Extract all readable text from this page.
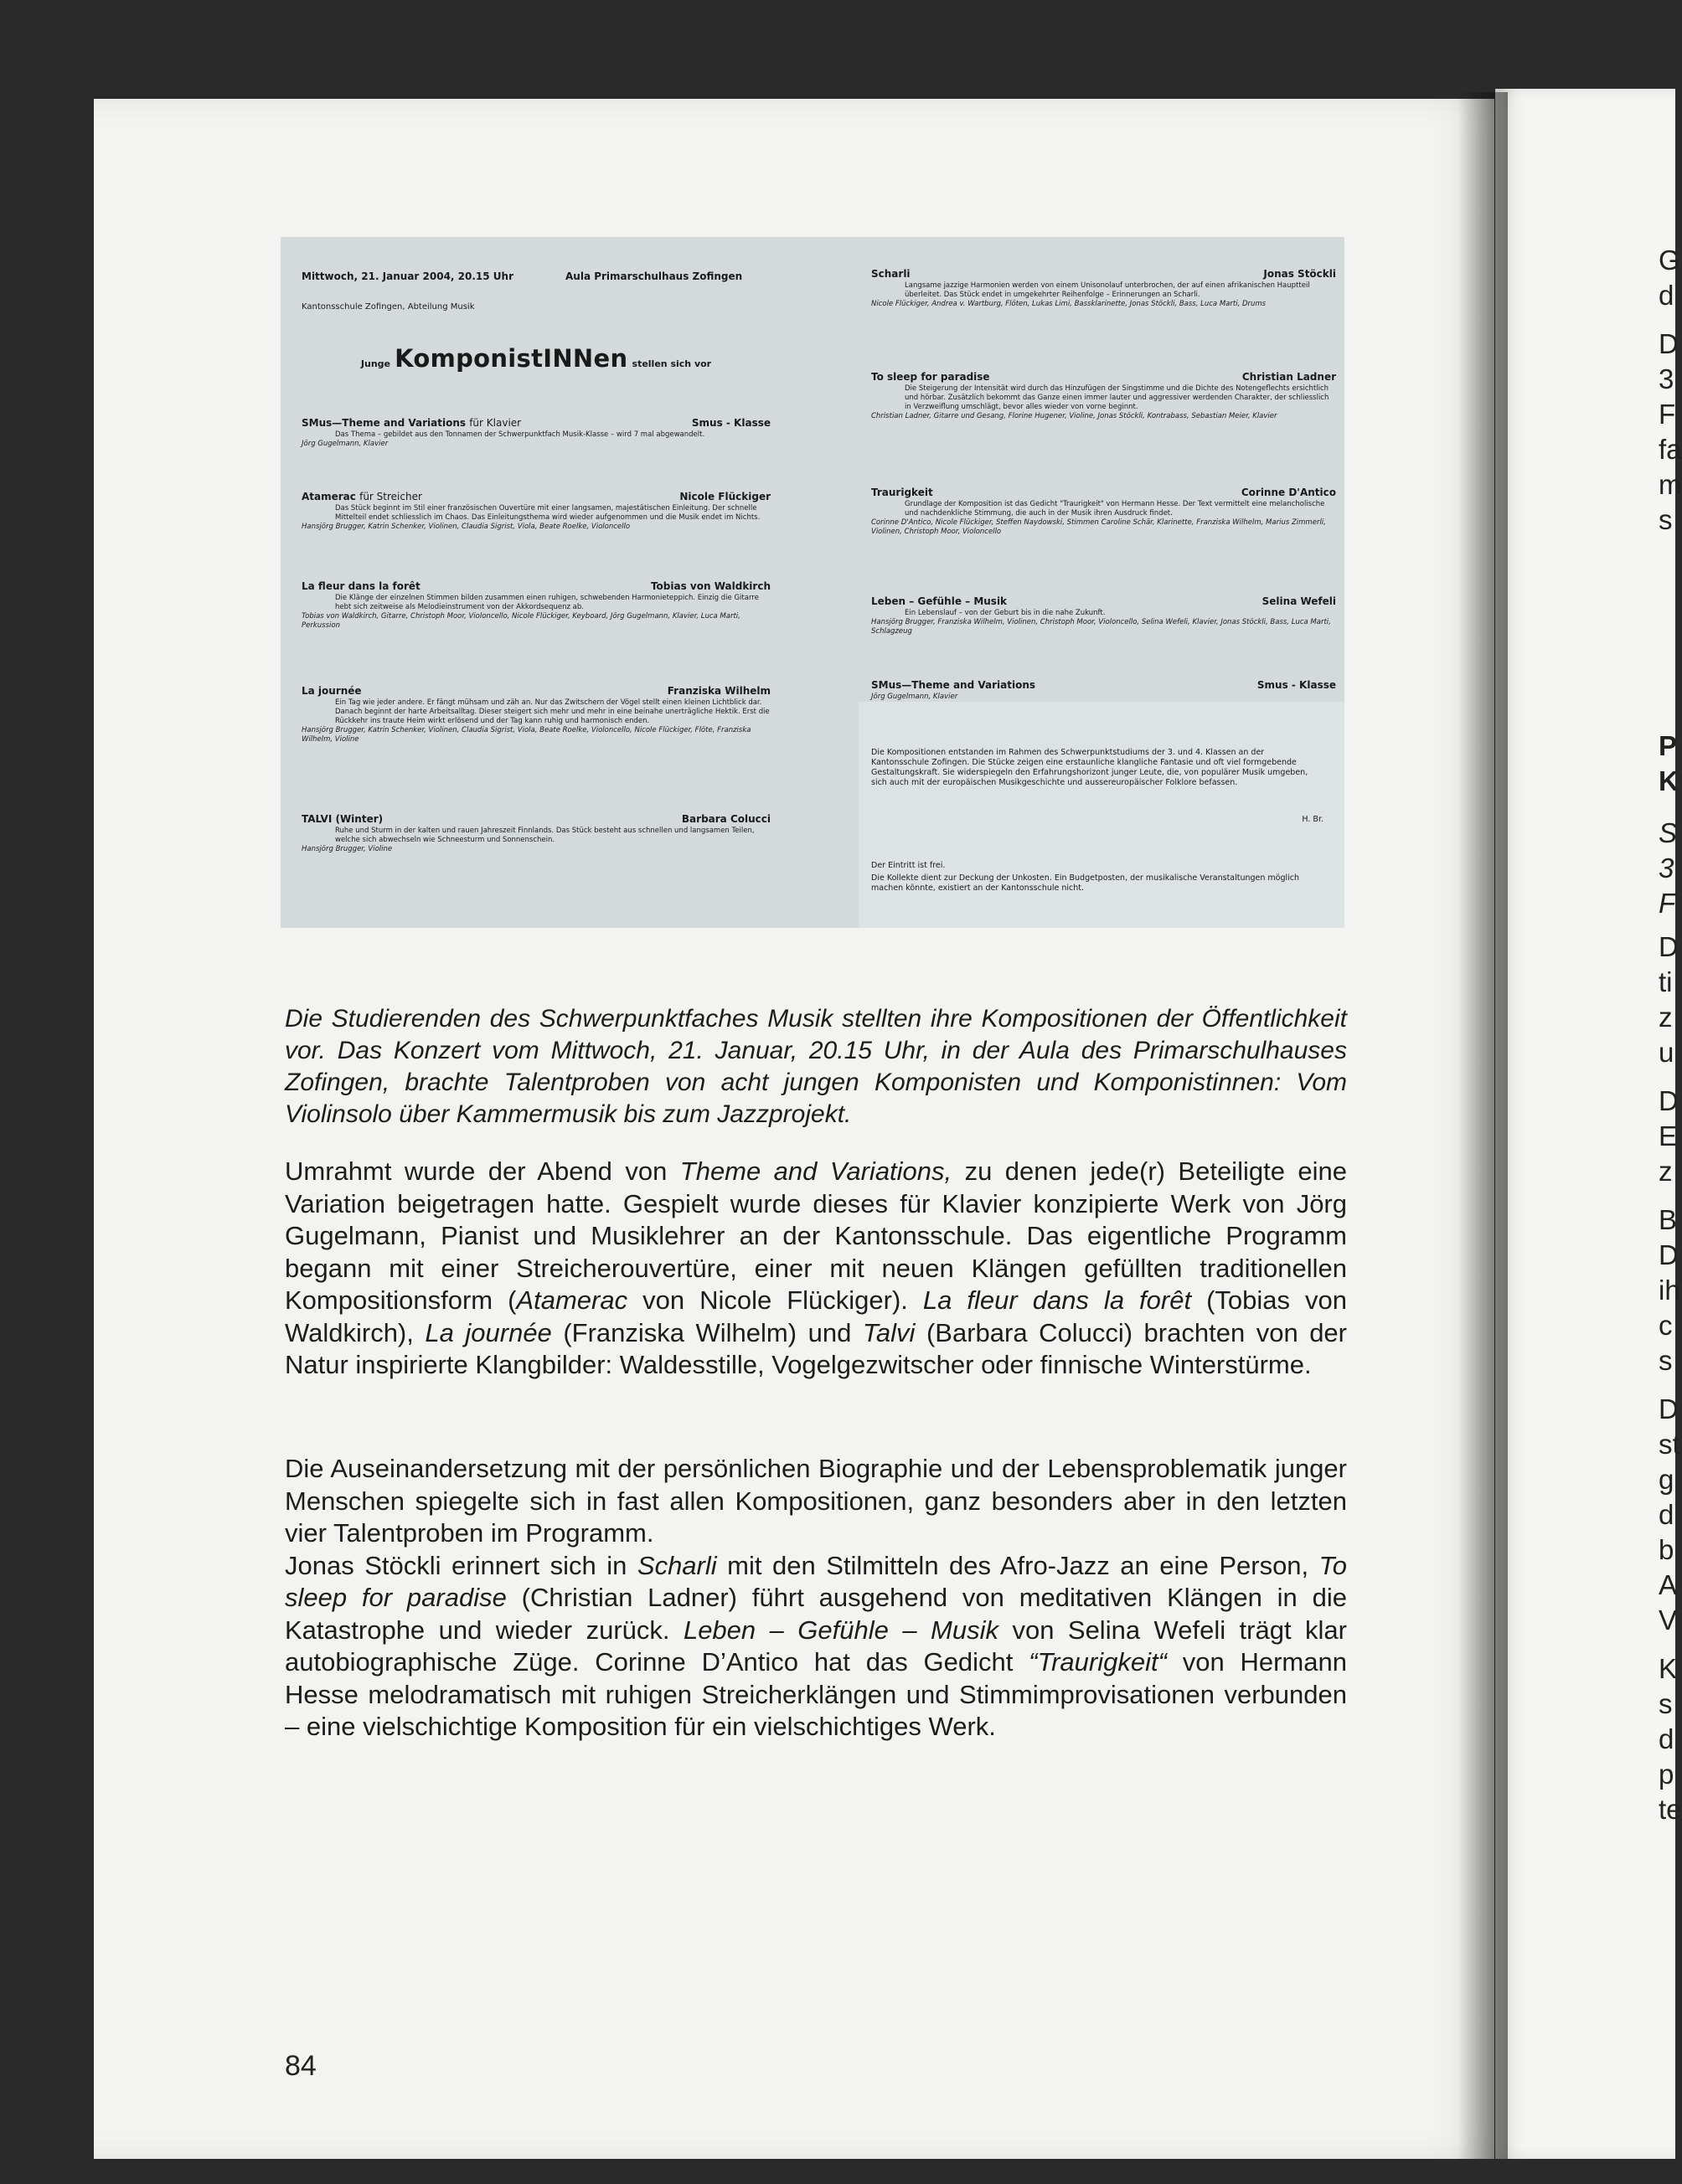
G
d
D
3
F
fa
m
s
P
K
S
3
F
D
ti
z
u
D
E
z
B
D
ih
c
s
D
st
g
d
b
A
V
K
s
d
p
te
Mittwoch, 21. Januar 2004, 20.15 Uhr	Aula Primarschulhaus Zofingen
Kantonsschule Zofingen, Abteilung Musik
Junge KomponistINNen stellen sich vor
SMus—Theme and Variations für Klavier	Smus - Klasse
Das Thema – gebildet aus den Tonnamen der Schwerpunktfach Musik-Klasse – wird 7 mal abgewandelt.
Jörg Gugelmann, Klavier
Atamerac für Streicher	Nicole Flückiger
Das Stück beginnt im Stil einer französischen Ouvertüre mit einer langsamen, majestätischen Einleitung. Der schnelle Mittelteil endet schliesslich im Chaos. Das Einleitungsthema wird wieder aufgenommen und die Musik endet im Nichts.
Hansjörg Brugger, Katrin Schenker, Violinen, Claudia Sigrist, Viola, Beate Roelke, Violoncello
La fleur dans la forêt	Tobias von Waldkirch
Die Klänge der einzelnen Stimmen bilden zusammen einen ruhigen, schwebenden Harmonieteppich. Einzig die Gitarre hebt sich zeitweise als Melodieinstrument von der Akkordsequenz ab.
Tobias von Waldkirch, Gitarre, Christoph Moor, Violoncello, Nicole Flückiger, Keyboard, Jörg Gugelmann, Klavier, Luca Marti, Perkussion
La journée	Franziska Wilhelm
Ein Tag wie jeder andere. Er fängt mühsam und zäh an. Nur das Zwitschern der Vögel stellt einen kleinen Lichtblick dar. Danach beginnt der harte Arbeitsalltag. Dieser steigert sich mehr und mehr in eine beinahe unerträgliche Hektik. Erst die Rückkehr ins traute Heim wirkt erlösend und der Tag kann ruhig und harmonisch enden.
Hansjörg Brugger, Katrin Schenker, Violinen, Claudia Sigrist, Viola, Beate Roelke, Violoncello, Nicole Flückiger, Flöte, Franziska Wilhelm, Violine
TALVI (Winter)	Barbara Colucci
Ruhe und Sturm in der kalten und rauen Jahreszeit Finnlands. Das Stück besteht aus schnellen und langsamen Teilen, welche sich abwechseln wie Schneesturm und Sonnenschein.
Hansjörg Brugger, Violine
Scharli	Jonas Stöckli
Langsame jazzige Harmonien werden von einem Unisonolauf unterbrochen, der auf einen afrikanischen Hauptteil überleitet. Das Stück endet in umgekehrter Reihenfolge – Erinnerungen an Scharli.
Nicole Flückiger, Andrea v. Wartburg, Flöten, Lukas Limi, Bassklarinette, Jonas Stöckli, Bass, Luca Marti, Drums
To sleep for paradise	Christian Ladner
Die Steigerung der Intensität wird durch das Hinzufügen der Singstimme und die Dichte des Notengeflechts ersichtlich und hörbar. Zusätzlich bekommt das Ganze einen immer lauter und aggressiver werdenden Charakter, der schliesslich in Verzweiflung umschlägt, bevor alles wieder von vorne beginnt.
Christian Ladner, Gitarre und Gesang, Florine Hugener, Violine, Jonas Stöckli, Kontrabass, Sebastian Meier, Klavier
Traurigkeit	Corinne D'Antico
Grundlage der Komposition ist das Gedicht "Traurigkeit" von Hermann Hesse. Der Text vermittelt eine melancholische und nachdenkliche Stimmung, die auch in der Musik ihren Ausdruck findet.
Corinne D'Antico, Nicole Flückiger, Steffen Naydowski, Stimmen Caroline Schär, Klarinette, Franziska Wilhelm, Marius Zimmerli, Violinen, Christoph Moor, Violoncello
Leben – Gefühle – Musik	Selina Wefeli
Ein Lebenslauf – von der Geburt bis in die nahe Zukunft.
Hansjörg Brugger, Franziska Wilhelm, Violinen, Christoph Moor, Violoncello, Selina Wefeli, Klavier, Jonas Stöckli, Bass, Luca Marti, Schlagzeug
SMus—Theme and Variations	Smus - Klasse
Jörg Gugelmann, Klavier
Die Kompositionen entstanden im Rahmen des Schwerpunktstudiums der 3. und 4. Klassen an der Kantonsschule Zofingen. Die Stücke zeigen eine erstaunliche klangliche Fantasie und oft viel formgebende Gestaltungskraft. Sie widerspiegeln den Erfahrungshorizont junger Leute, die, von populärer Musik umgeben, sich auch mit der europäischen Musikgeschichte und aussereuropäischer Folklore befassen.
H. Br.
Der Eintritt ist frei.
Die Kollekte dient zur Deckung der Unkosten. Ein Budgetposten, der musikalische Veranstaltungen möglich machen könnte, existiert an der Kantonsschule nicht.
Die Studierenden des Schwerpunktfaches Musik stellten ihre Kompositionen der Öffentlichkeit vor. Das Konzert vom Mittwoch, 21. Januar, 20.15 Uhr, in der Aula des Primarschulhauses Zofingen, brachte Talentproben von acht jungen Komponisten und Komponistinnen: Vom Violinsolo über Kammermusik bis zum Jazzprojekt.
Umrahmt wurde der Abend von Theme and Variations, zu denen jede(r) Beteiligte eine Variation beigetragen hatte. Gespielt wurde dieses für Klavier konzipierte Werk von Jörg Gugelmann, Pianist und Musiklehrer an der Kantonsschule. Das eigentliche Programm begann mit einer Streicherouvertüre, einer mit neuen Klängen gefüllten traditionellen Kompositionsform (Atamerac von Nicole Flückiger). La fleur dans la forêt (Tobias von Waldkirch), La journée (Franziska Wilhelm) und Talvi (Barbara Colucci) brachten von der Natur inspirierte Klangbilder: Waldesstille, Vogelgezwitscher oder finnische Winterstürme.
Die Auseinandersetzung mit der persönlichen Biographie und der Lebensproblematik junger Menschen spiegelte sich in fast allen Kompositionen, ganz besonders aber in den letzten vier Talentproben im Programm.
Jonas Stöckli erinnert sich in Scharli mit den Stilmitteln des Afro-Jazz an eine Person, To sleep for paradise (Christian Ladner) führt ausgehend von meditativen Klängen in die Katastrophe und wieder zurück. Leben – Gefühle – Musik von Selina Wefeli trägt klar autobiographische Züge. Corinne D’Antico hat das Gedicht “Traurigkeit“ von Hermann Hesse melodramatisch mit ruhigen Streicherklängen und Stimmimprovisationen verbunden – eine vielschichtige Komposition für ein vielschichtiges Werk.
84
